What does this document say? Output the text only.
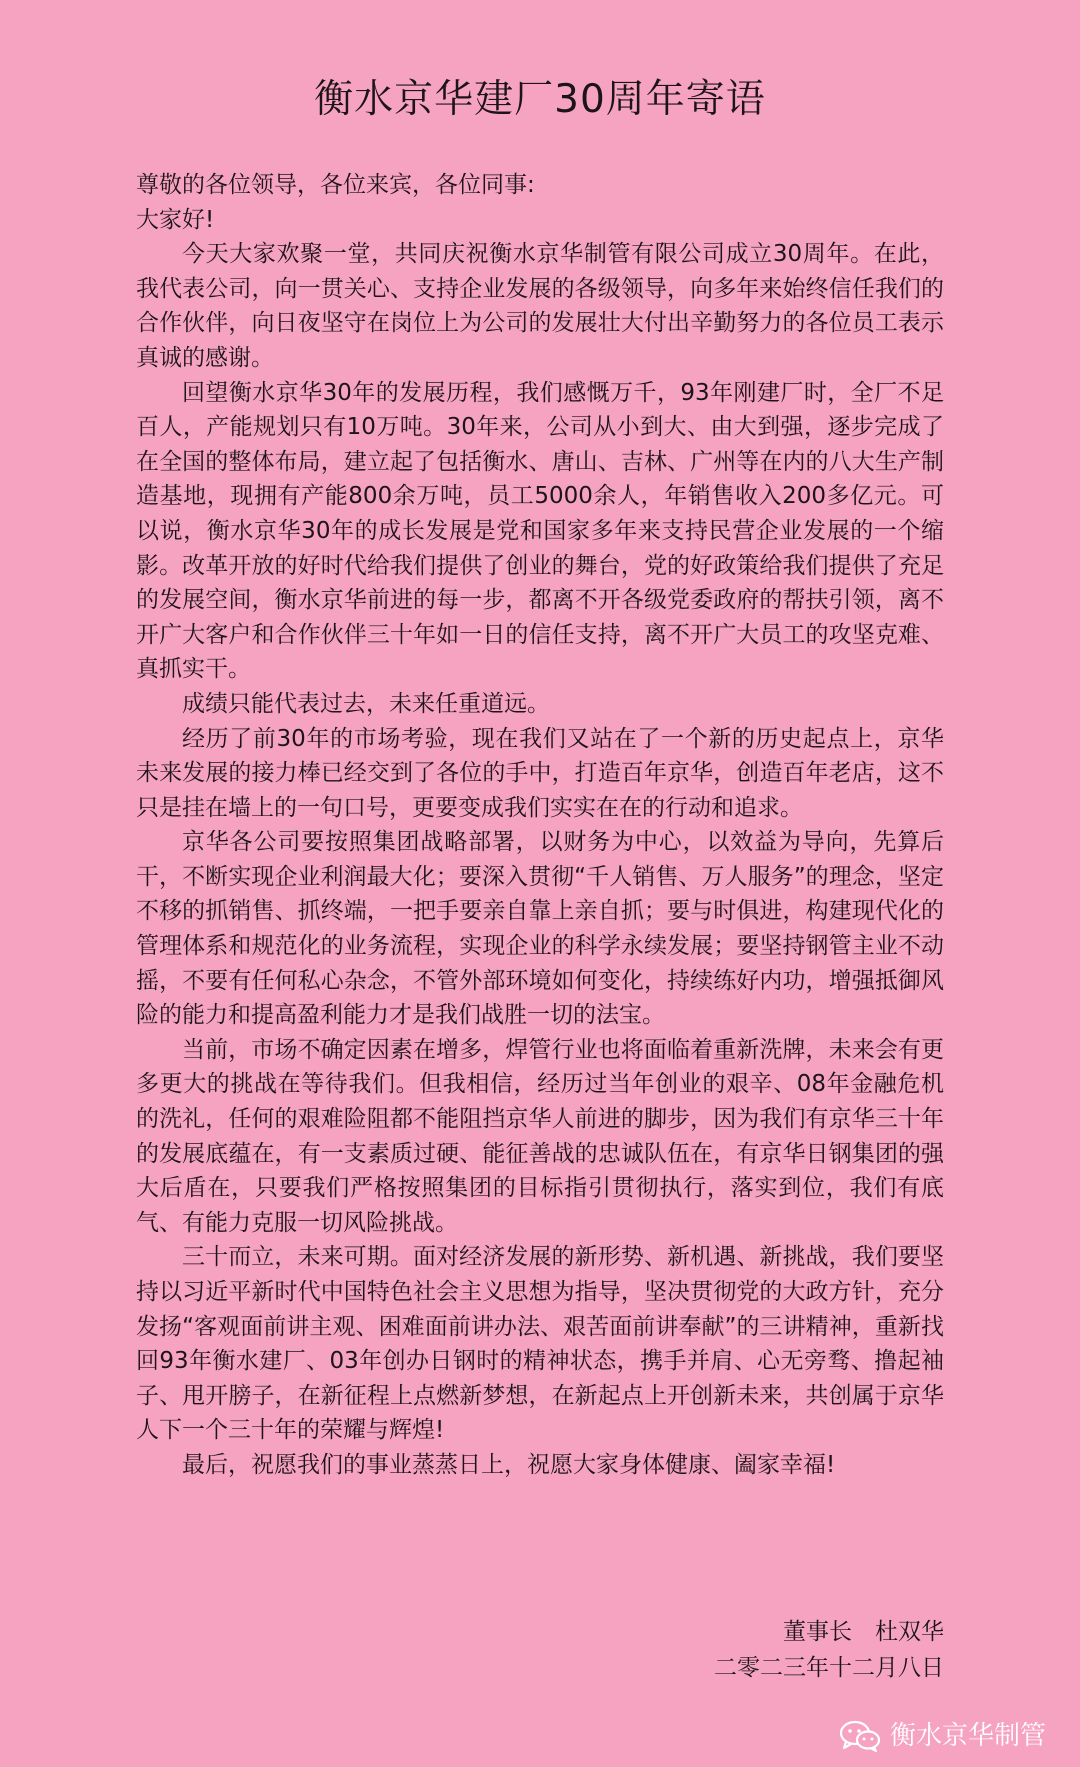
衡水京华建厂30周年寄语

尊敬的各位领导，各位来宾，各位同事:

大家好!

今天大家欢聚一堂，共同庆祝衡水京华制管有限公司成立30周年。在此，我代表公司，向一贯关心、支持企业发展的各级领导，向多年来始终信任我们的合作伙伴，向日夜坚守在岗位上为公司的发展壮大付出辛勤努力的各位员工表示真诚的感谢。

回望衡水京华30年的发展历程，我们感慨万千，93年刚建厂时，全厂不足百人，产能规划只有10万吨。30年来，公司从小到大、由大到强，逐步完成了在全国的整体布局，建立起了包括衡水、唐山、吉林、广州等在内的八大生产制造基地，现拥有产能800余万吨，员工5000余人，年销售收入200多亿元。可以说，衡水京华30年的成长发展是党和国家多年来支持民营企业发展的一个缩影。改革开放的好时代给我们提供了创业的舞台，党的好政策给我们提供了充足的发展空间，衡水京华前进的每一步，都离不开各级党委政府的帮扶引领，离不开广大客户和合作伙伴三十年如一日的信任支持，离不开广大员工的攻坚克难、真抓实干。

成绩只能代表过去，未来任重道远。

经历了前30年的市场考验，现在我们又站在了一个新的历史起点上，京华未来发展的接力棒已经交到了各位的手中，打造百年京华，创造百年老店，这不只是挂在墙上的一句口号，更要变成我们实实在在的行动和追求。

京华各公司要按照集团战略部署，以财务为中心，以效益为导向，先算后干，不断实现企业利润最大化；要深入贯彻“千人销售、万人服务”的理念，坚定不移的抓销售、抓终端，一把手要亲自靠上亲自抓；要与时俱进，构建现代化的管理体系和规范化的业务流程，实现企业的科学永续发展；要坚持钢管主业不动摇，不要有任何私心杂念，不管外部环境如何变化，持续练好内功，增强抵御风险的能力和提高盈利能力才是我们战胜一切的法宝。

当前，市场不确定因素在增多，焊管行业也将面临着重新洗牌，未来会有更多更大的挑战在等待我们。但我相信，经历过当年创业的艰辛、08年金融危机的洗礼，任何的艰难险阻都不能阻挡京华人前进的脚步，因为我们有京华三十年的发展底蕴在，有一支素质过硬、能征善战的忠诚队伍在，有京华日钢集团的强大后盾在，只要我们严格按照集团的目标指引贯彻执行，落实到位，我们有底气、有能力克服一切风险挑战。

三十而立，未来可期。面对经济发展的新形势、新机遇、新挑战，我们要坚持以习近平新时代中国特色社会主义思想为指导，坚决贯彻党的大政方针，充分发扬“客观面前讲主观、困难面前讲办法、艰苦面前讲奉献”的三讲精神，重新找回93年衡水建厂、03年创办日钢时的精神状态，携手并肩、心无旁骛、撸起袖子、甩开膀子，在新征程上点燃新梦想，在新起点上开创新未来，共创属于京华人下一个三十年的荣耀与辉煌!

最后，祝愿我们的事业蒸蒸日上，祝愿大家身体健康、阖家幸福!

董事长　杜双华
二零二三年十二月八日
衡水京华制管
